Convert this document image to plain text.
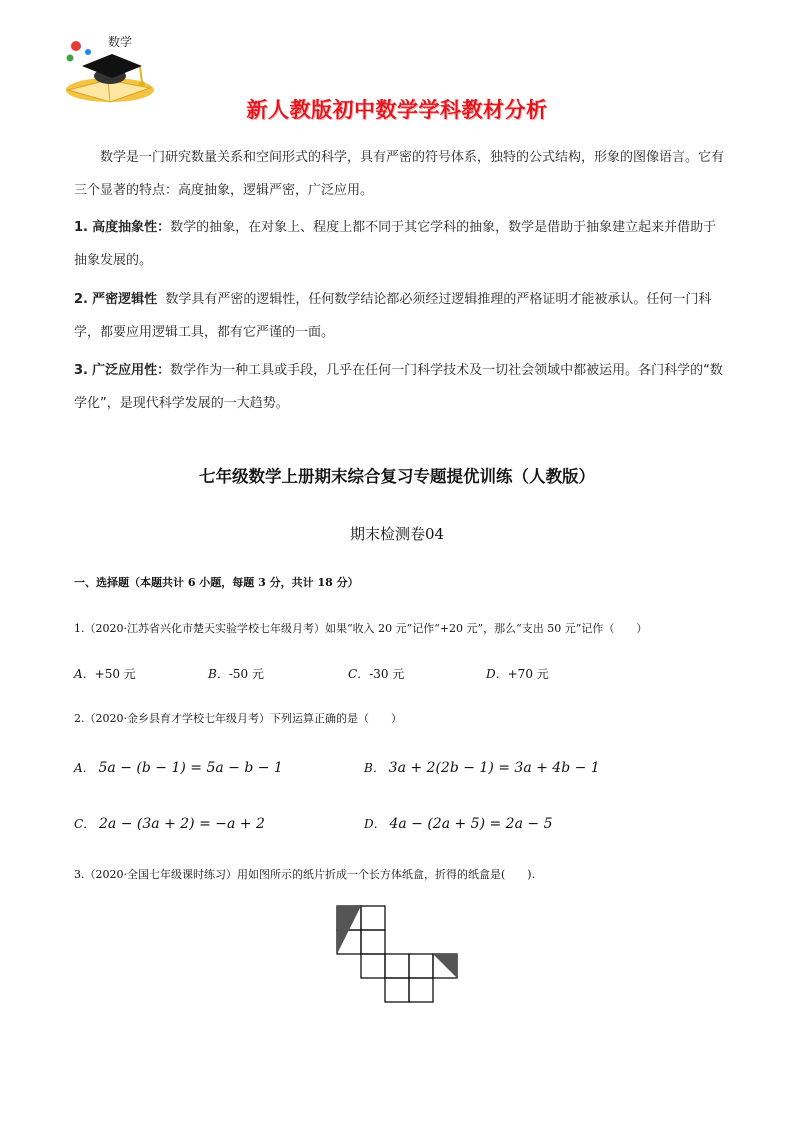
数学
新人教版初中数学学科教材分析
数学是一门研究数量关系和空间形式的科学，具有严密的符号体系，独特的公式结构，形象的图像语言。它有三个显著的特点：高度抽象，逻辑严密，广泛应用。
1. 高度抽象性：数学的抽象，在对象上、程度上都不同于其它学科的抽象，数学是借助于抽象建立起来并借助于抽象发展的。
2. 严密逻辑性 数学具有严密的逻辑性，任何数学结论都必须经过逻辑推理的严格证明才能被承认。任何一门科学，都要应用逻辑工具，都有它严谨的一面。
3. 广泛应用性：数学作为一种工具或手段，几乎在任何一门科学技术及一切社会领域中都被运用。各门科学的“数学化”，是现代科学发展的一大趋势。
七年级数学上册期末综合复习专题提优训练（人教版）
期末检测卷04
一、选择题（本题共计 6 小题，每题 3 分，共计 18 分）
1.（2020·江苏省兴化市楚天实验学校七年级月考）如果“收入 20 元”记作“+20 元”，那么“支出 50 元”记作（　　）
A．+50 元	B．-50 元	C．-30 元	D．+70 元
2.（2020·金乡县育才学校七年级月考）下列运算正确的是（　　）
A． 5a − (b − 1) = 5a − b − 1	B． 3a + 2(2b − 1) = 3a + 4b − 1
C． 2a − (3a + 2) = −a + 2	D． 4a − (2a + 5) = 2a − 5
3.（2020·全国七年级课时练习）用如图所示的纸片折成一个长方体纸盒，折得的纸盒是(　　).
